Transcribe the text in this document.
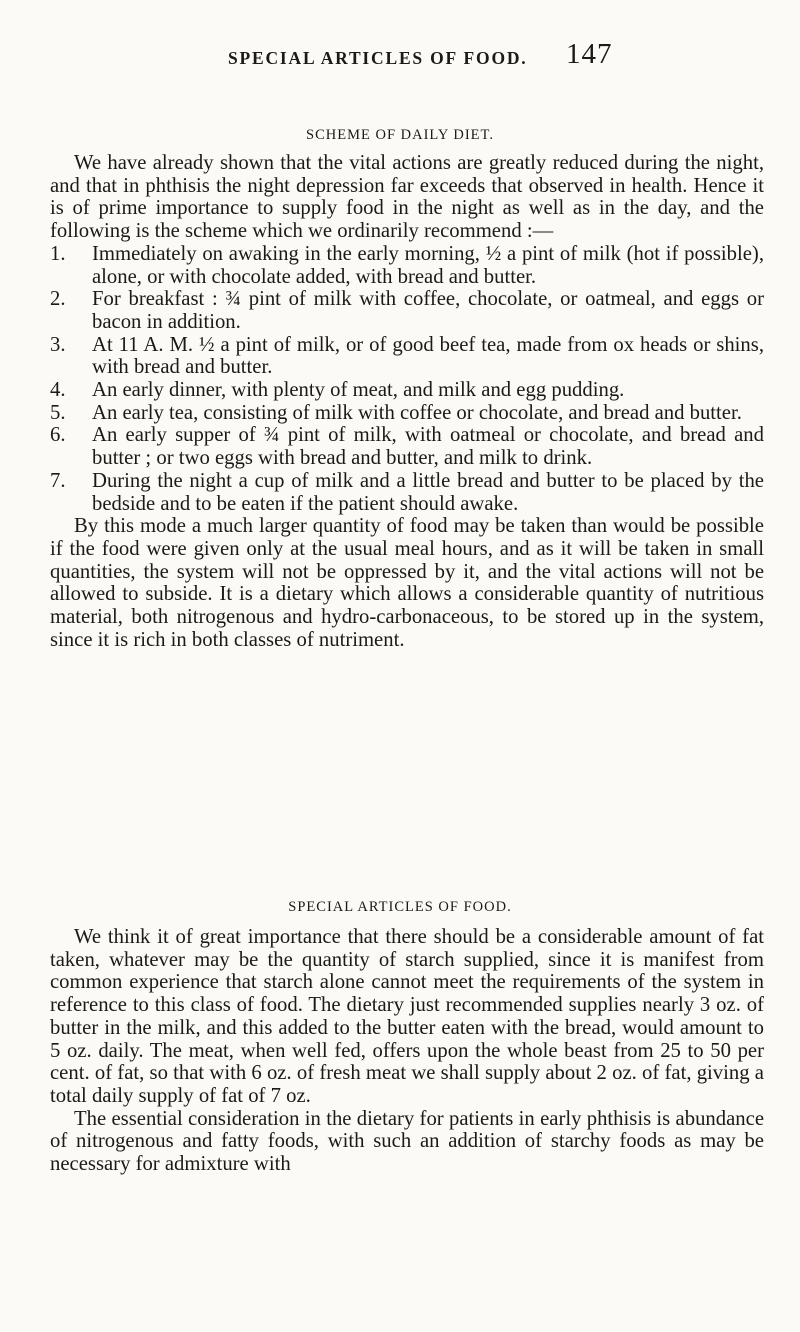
SPECIAL ARTICLES OF FOOD. 147
SCHEME OF DAILY DIET.

We have already shown that the vital actions are greatly reduced during the night, and that in phthisis the night depression far exceeds that observed in health. Hence it is of prime importance to supply food in the night as well as in the day, and the following is the scheme which we ordinarily recommend :—

1.	Immediately on awaking in the early morning, ½ a pint of milk (hot if possible), alone, or with chocolate added, with bread and butter.
2.	For breakfast : ¾ pint of milk with coffee, chocolate, or oatmeal, and eggs or bacon in addition.
3.	At 11 A. M. ½ a pint of milk, or of good beef tea, made from ox heads or shins, with bread and butter.
4.	An early dinner, with plenty of meat, and milk and egg pudding.
5.	An early tea, consisting of milk with coffee or chocolate, and bread and butter.
6.	An early supper of ¾ pint of milk, with oatmeal or chocolate, and bread and butter ; or two eggs with bread and butter, and milk to drink.
7.	During the night a cup of milk and a little bread and butter to be placed by the bedside and to be eaten if the patient should awake.

By this mode a much larger quantity of food may be taken than would be possible if the food were given only at the usual meal hours, and as it will be taken in small quantities, the system will not be oppressed by it, and the vital actions will not be allowed to subside. It is a dietary which allows a considerable quantity of nutritious material, both nitrogenous and hydro-carbonaceous, to be stored up in the system, since it is rich in both classes of nutriment.

SPECIAL ARTICLES OF FOOD.

We think it of great importance that there should be a considerable amount of fat taken, whatever may be the quantity of starch supplied, since it is manifest from common experience that starch alone cannot meet the requirements of the system in reference to this class of food. The dietary just recommended supplies nearly 3 oz. of butter in the milk, and this added to the butter eaten with the bread, would amount to 5 oz. daily. The meat, when well fed, offers upon the whole beast from 25 to 50 per cent. of fat, so that with 6 oz. of fresh meat we shall supply about 2 oz. of fat, giving a total daily supply of fat of 7 oz.

The essential consideration in the dietary for patients in early phthisis is abundance of nitrogenous and fatty foods, with such an addition of starchy foods as may be necessary for admixture with
